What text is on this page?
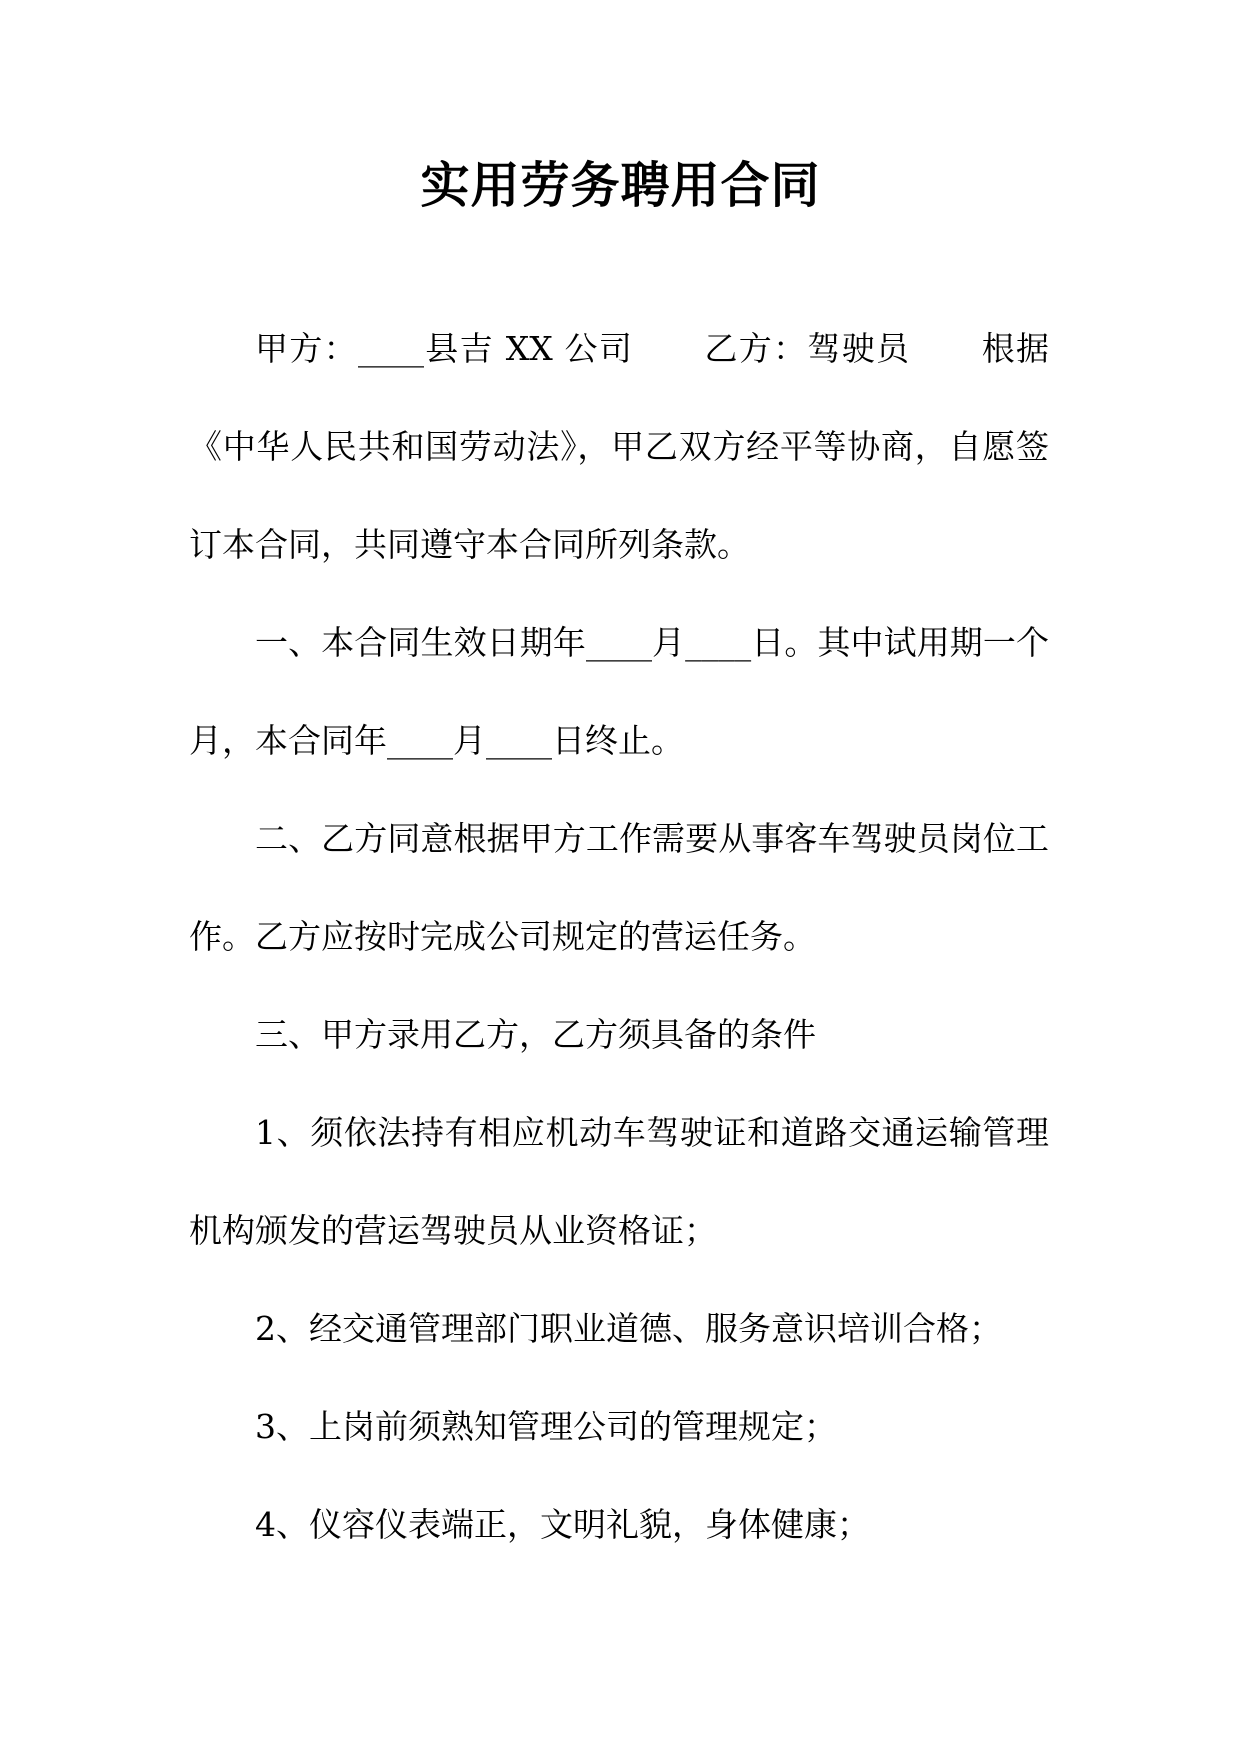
实用劳务聘用合同

甲方：____县吉 XX 公司 乙方：驾驶员 根据《中华人民共和国劳动法》，甲乙双方经平等协商，自愿签订本合同，共同遵守本合同所列条款。

一、本合同生效日期年____月____日。其中试用期一个月，本合同年____月____日终止。

二、乙方同意根据甲方工作需要从事客车驾驶员岗位工作。乙方应按时完成公司规定的营运任务。

三、甲方录用乙方，乙方须具备的条件

1、须依法持有相应机动车驾驶证和道路交通运输管理机构颁发的营运驾驶员从业资格证；

2、经交通管理部门职业道德、服务意识培训合格；

3、上岗前须熟知管理公司的管理规定；

4、仪容仪表端正，文明礼貌，身体健康；
